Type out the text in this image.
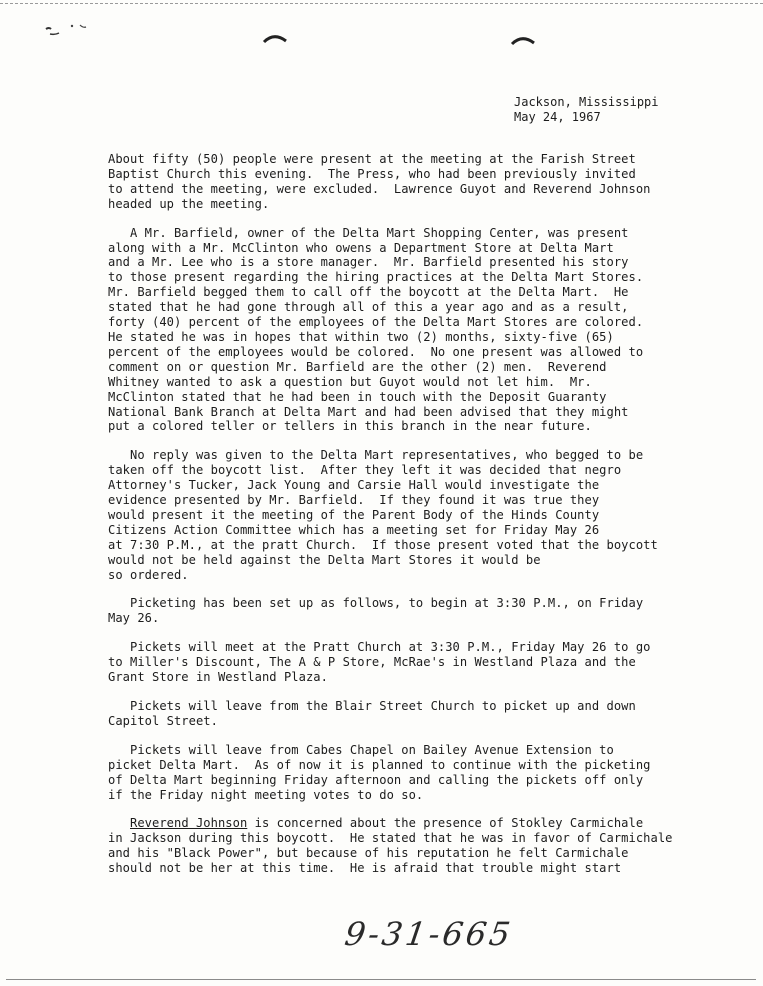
Jackson, Mississippi
May 24, 1967
About fifty (50) people were present at the meeting at the Farish Street
Baptist Church this evening.  The Press, who had been previously invited
to attend the meeting, were excluded.  Lawrence Guyot and Reverend Johnson
headed up the meeting.
A Mr. Barfield, owner of the Delta Mart Shopping Center, was present
along with a Mr. McClinton who owens a Department Store at Delta Mart
and a Mr. Lee who is a store manager.  Mr. Barfield presented his story
to those present regarding the hiring practices at the Delta Mart Stores.
Mr. Barfield begged them to call off the boycott at the Delta Mart.  He
stated that he had gone through all of this a year ago and as a result,
forty (40) percent of the employees of the Delta Mart Stores are colored.
He stated he was in hopes that within two (2) months, sixty-five (65)
percent of the employees would be colored.  No one present was allowed to
comment on or question Mr. Barfield are the other (2) men.  Reverend
Whitney wanted to ask a question but Guyot would not let him.  Mr.
McClinton stated that he had been in touch with the Deposit Guaranty
National Bank Branch at Delta Mart and had been advised that they might
put a colored teller or tellers in this branch in the near future.
No reply was given to the Delta Mart representatives, who begged to be
taken off the boycott list.  After they left it was decided that negro
Attorney's Tucker, Jack Young and Carsie Hall would investigate the
evidence presented by Mr. Barfield.  If they found it was true they
would present it the meeting of the Parent Body of the Hinds County
Citizens Action Committee which has a meeting set for Friday May 26
at 7:30 P.M., at the pratt Church.  If those present voted that the boycott
would not be held against the Delta Mart Stores it would be
so ordered.
Picketing has been set up as follows, to begin at 3:30 P.M., on Friday
May 26.
Pickets will meet at the Pratt Church at 3:30 P.M., Friday May 26 to go
to Miller's Discount, The A & P Store, McRae's in Westland Plaza and the
Grant Store in Westland Plaza.
Pickets will leave from the Blair Street Church to picket up and down
Capitol Street.
Pickets will leave from Cabes Chapel on Bailey Avenue Extension to
picket Delta Mart.  As of now it is planned to continue with the picketing
of Delta Mart beginning Friday afternoon and calling the pickets off only
if the Friday night meeting votes to do so.
Reverend Johnson is concerned about the presence of Stokley Carmichale
in Jackson during this boycott.  He stated that he was in favor of Carmichale
and his "Black Power", but because of his reputation he felt Carmichale
should not be her at this time.  He is afraid that trouble might start
9-31-665
